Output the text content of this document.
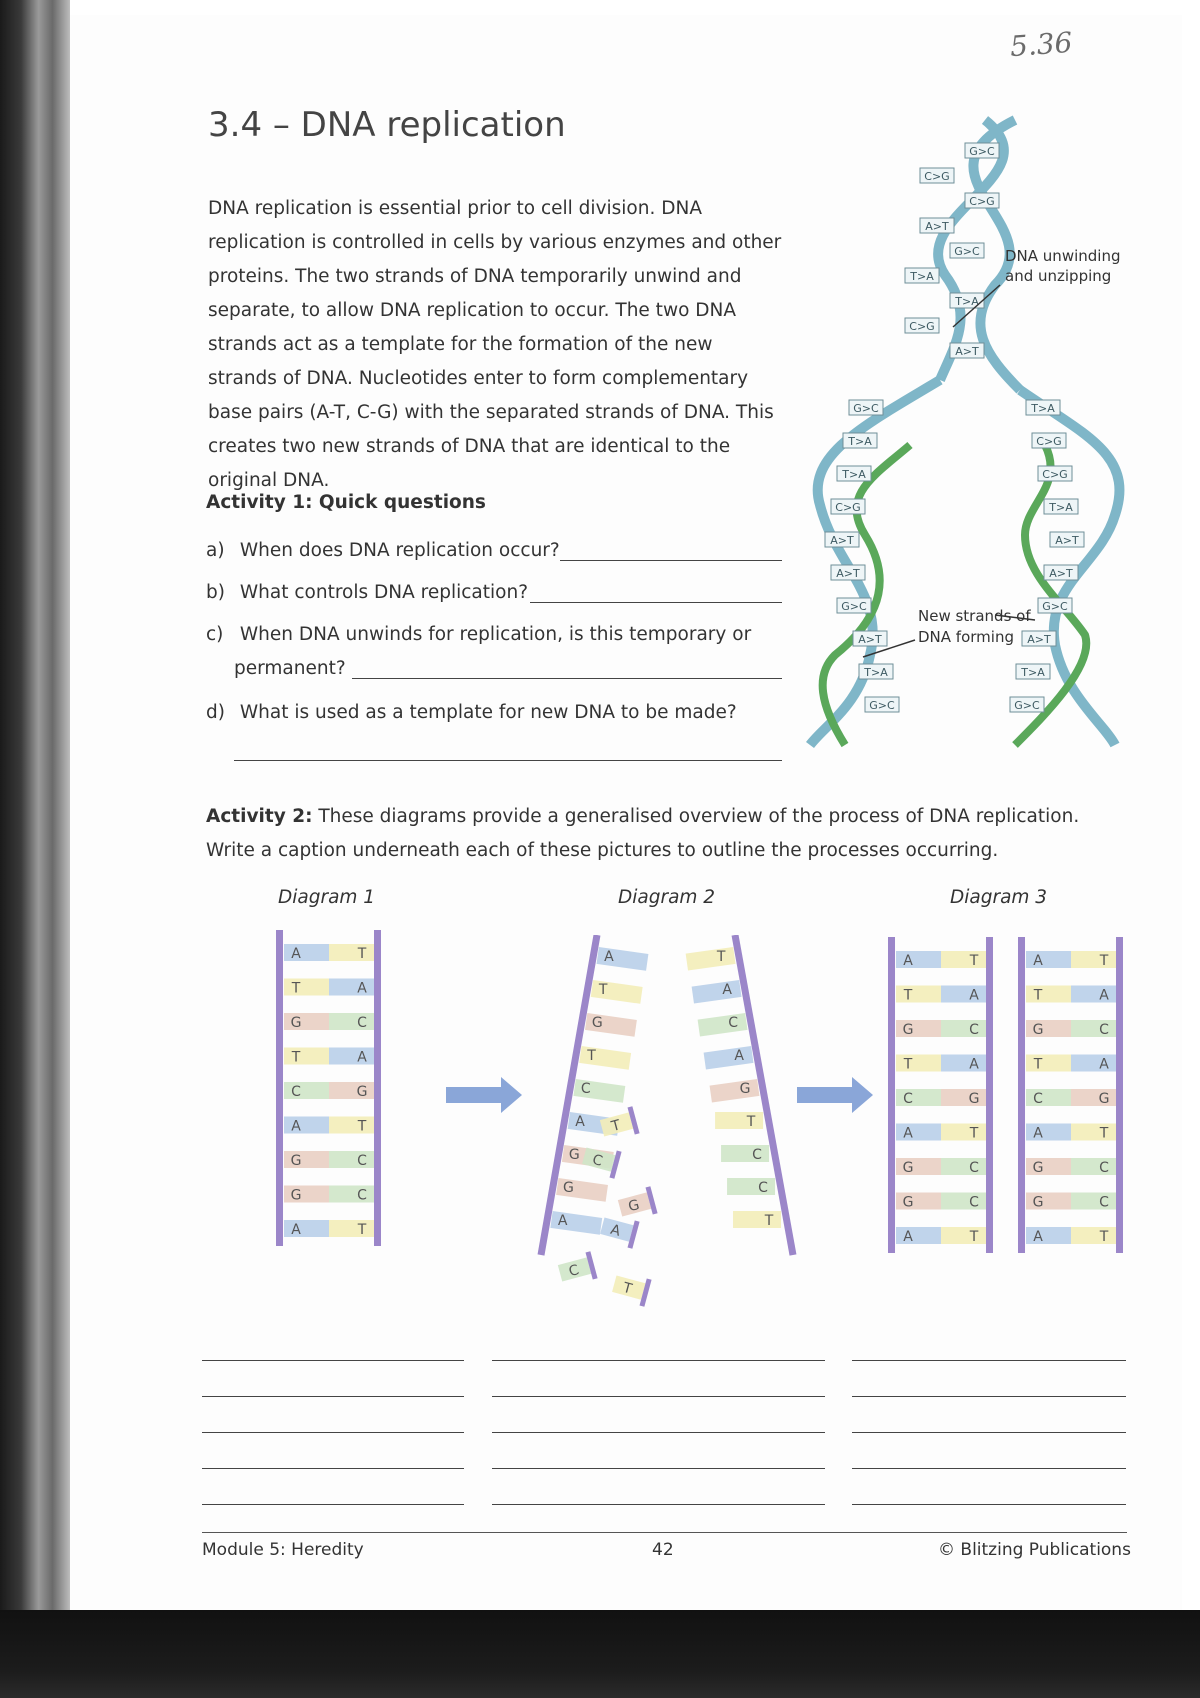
5.36
3.4 – DNA replication

DNA replication is essential prior to cell division. DNA replication is controlled in cells by various enzymes and other proteins. The two strands of DNA temporarily unwind and separate, to allow DNA replication to occur. The two DNA strands act as a template for the formation of the new strands of DNA. Nucleotides enter to form complementary base pairs (A-T, C-G) with the separated strands of DNA. This creates two new strands of DNA that are identical to the original DNA.

Activity 1: Quick questions
a) When does DNA replication occur?
b) What controls DNA replication?
c) When DNA unwinds for replication, is this temporary or
permanent?
d) What is used as a template for new DNA to be made?
G>C
C>G
C>G
A>T
G>C
T>A
T>A
C>G
A>T
G>C
T>A
T>A
C>G
A>T
A>T
G>C
A>T
T>A
G>C
T>A
C>G
C>G
T>A
A>T
A>T
G>C
A>T
T>A
G>C
DNA unwinding
and unzipping
New strands of
DNA forming
Activity 2: These diagrams provide a generalised overview of the process of DNA replication. Write a caption underneath each of these pictures to outline the processes occurring.
Diagram 1	Diagram 2	Diagram 3
A	T
T	A
G	C
T	A
C	G
A	T
G	C
G	C
A	T
A	T
T	A
G	C
T	A
C	G
A	T
G	C
G	C
A	T
T
C
G
A
C
T
A	T
T	A
G	C
T	A
C	G
A	T
G	C
G	C
A	T
A	T
T	A
G	C
T	A
C	G
A	T
G	C
G	C
A	T
Module 5: Heredity	42	© Blitzing Publications
